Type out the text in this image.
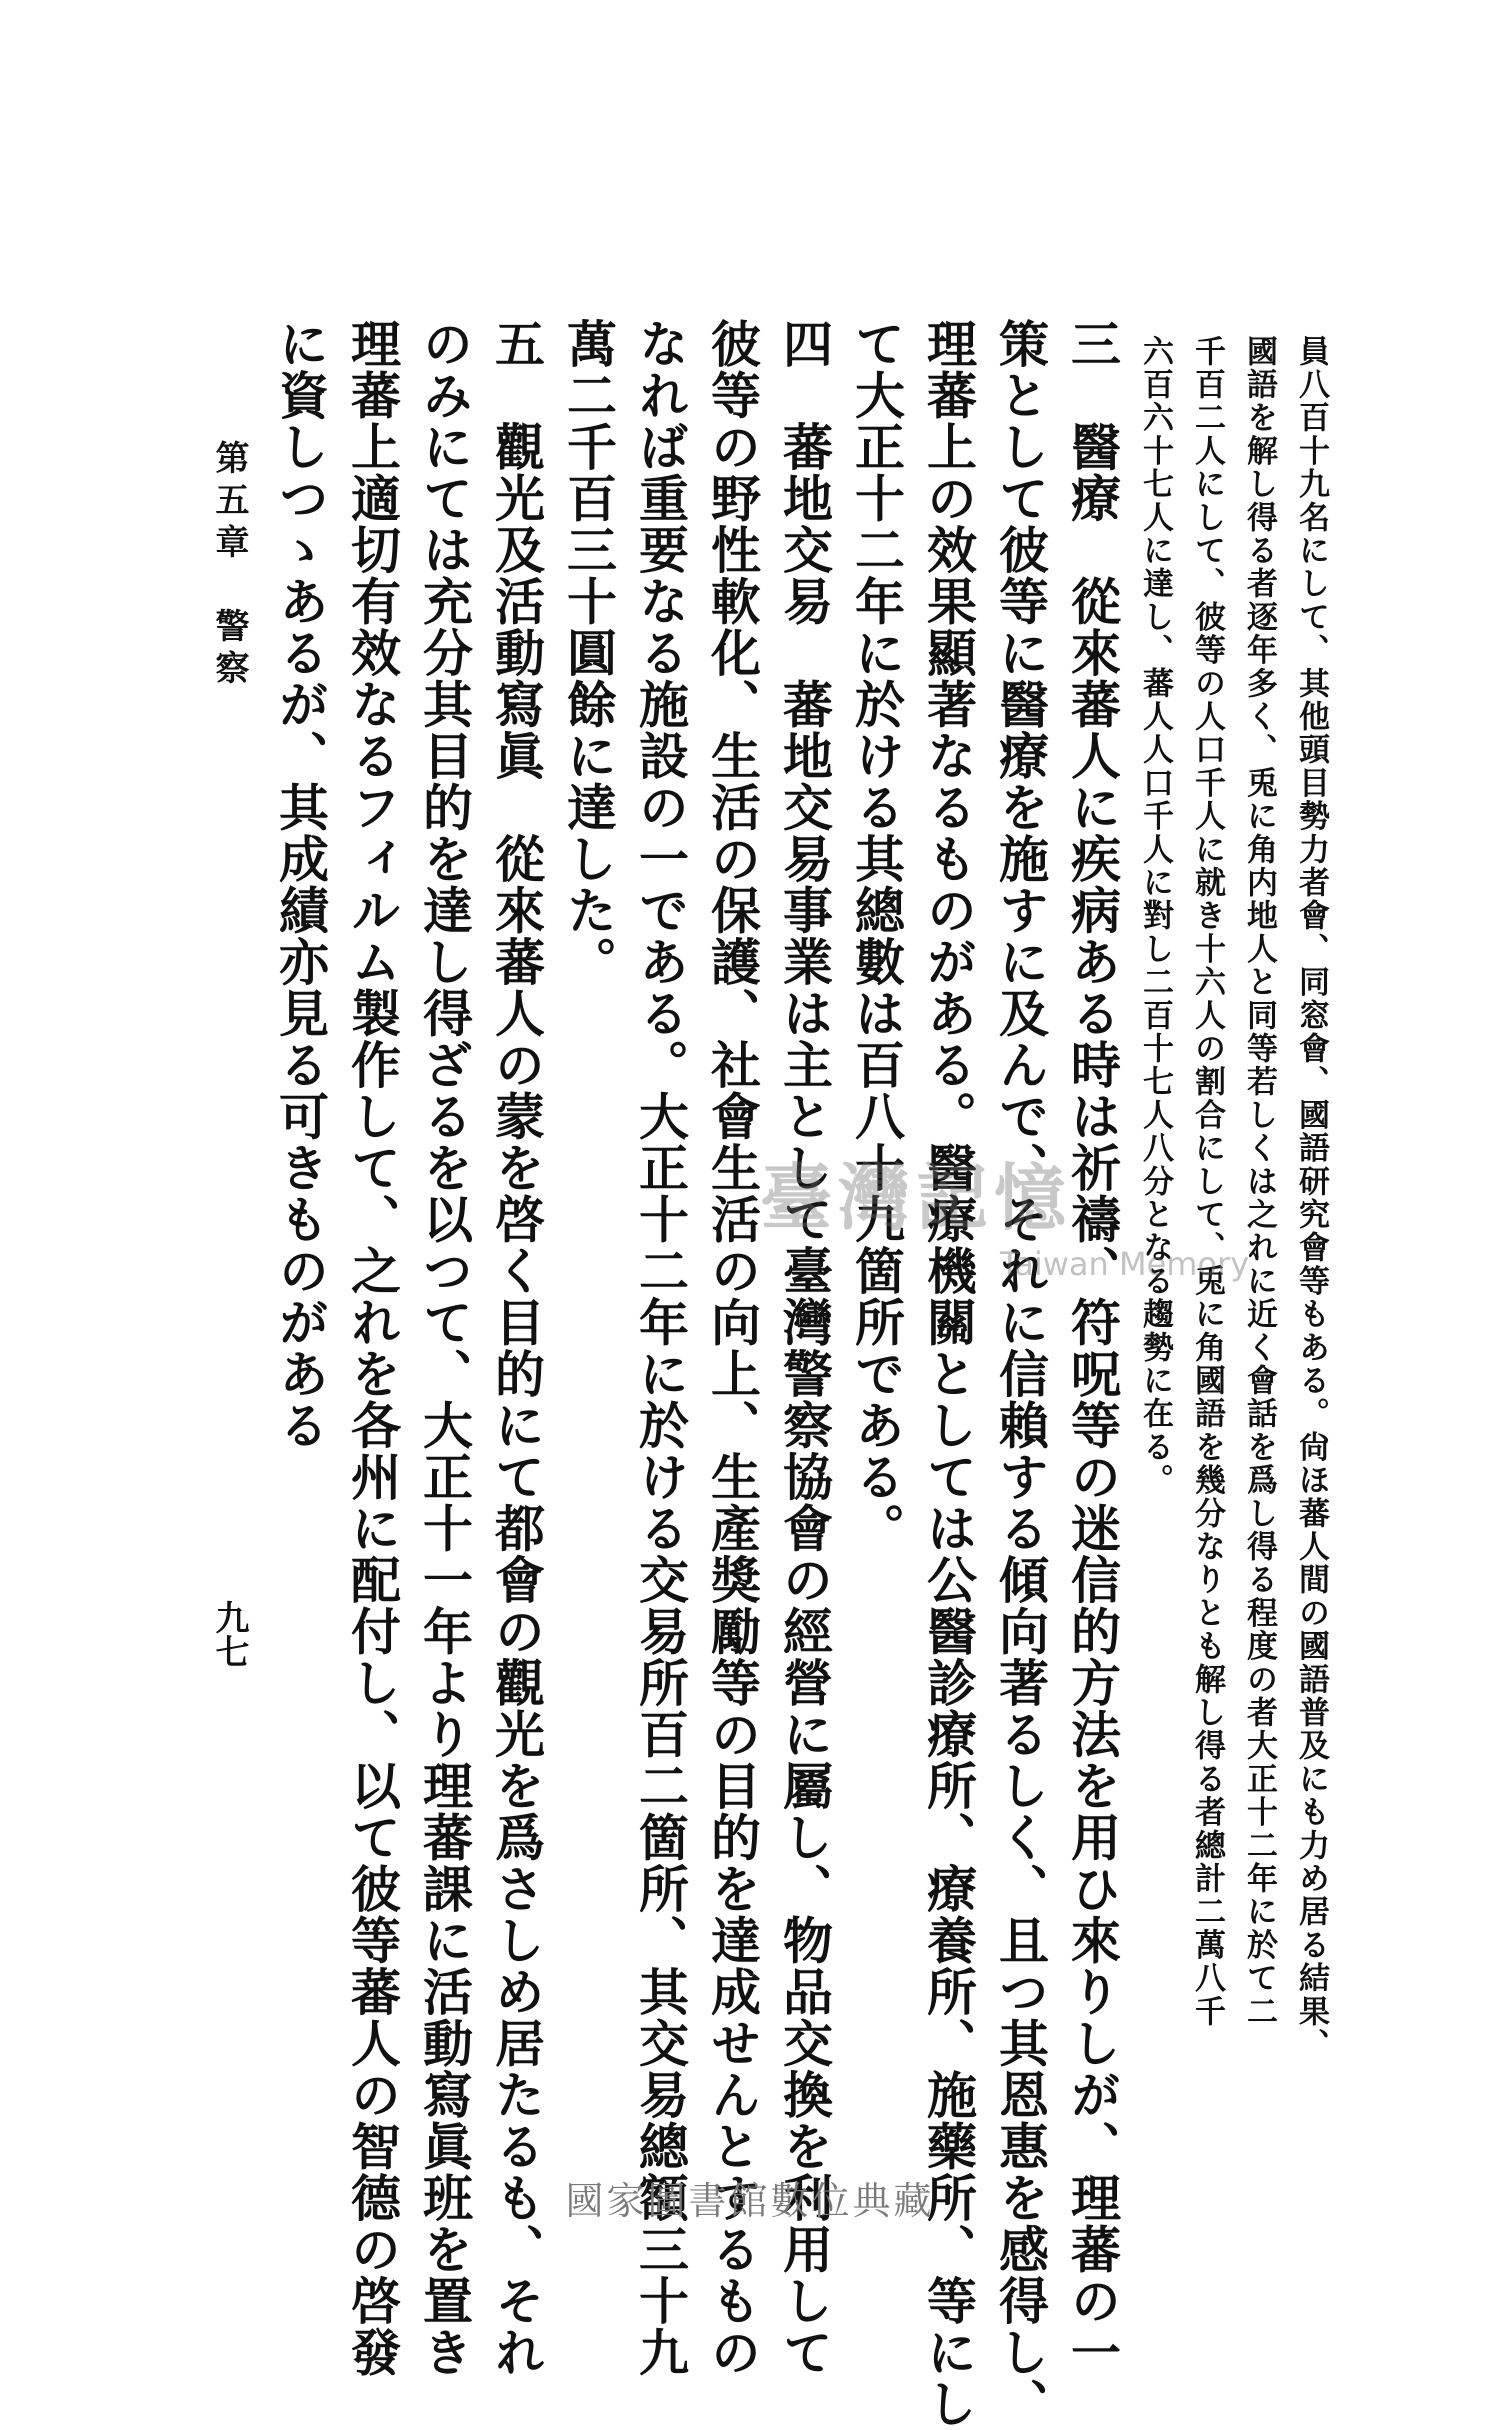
第五章　警察
九七	員八百十九名にして、其他頭目勢力者會、同窓會、國語研究會等もある。尙ほ蕃人間の國語普及にも力め居る結果、
國語を解し得る者逐年多く、兎に角内地人と同等若しくは之れに近く會話を爲し得る程度の者大正十二年に於て二
千百二人にして、彼等の人口千人に就き十六人の割合にして、兎に角國語を幾分なりとも解し得る者總計二萬八千
六百六十七人に達し、蕃人人口千人に對し二百十七人八分となる趨勢に在る。
三　醫療　從來蕃人に疾病ある時は祈禱、符呪等の迷信的方法を用ひ來りしが、理蕃の一
策として彼等に醫療を施すに及んで、それに信賴する傾向著るしく、且つ其恩惠を感得し、
理蕃上の效果顯著なるものがある。醫療機關としては公醫診療所、療養所、施藥所、等にし
て大正十二年に於ける其總數は百八十九箇所である。
四　蕃地交易　蕃地交易事業は主として臺灣警察協會の經營に屬し、物品交換を利用して
彼等の野性軟化、生活の保護、社會生活の向上、生產獎勵等の目的を達成せんとするもの
なれば重要なる施設の一である。大正十二年に於ける交易所百二箇所、其交易總額三十九
萬二千百三十圓餘に達した。
五　觀光及活動寫眞　從來蕃人の蒙を啓く目的にて都會の觀光を爲さしめ居たるも、それ
のみにては充分其目的を達し得ざるを以つて、大正十一年より理蕃課に活動寫眞班を置き
理蕃上適切有效なるフィルム製作して、之れを各州に配付し、以て彼等蕃人の智德の啓發
に資しつゝあるが、其成績亦見る可きものがある	臺灣記憶
Taiwan Memory
國家圖書館數位典藏
